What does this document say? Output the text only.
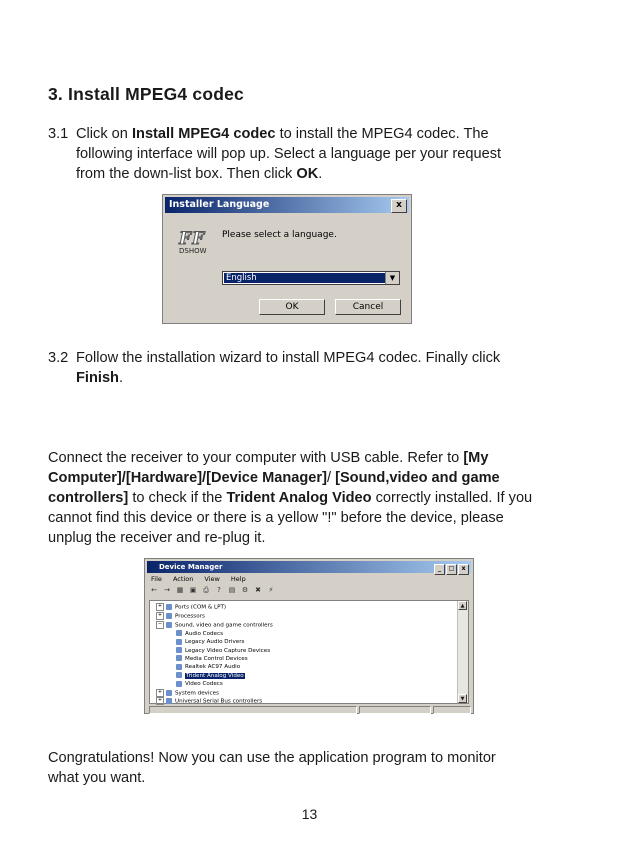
3. Install MPEG4 codec
3.1 Click on Install MPEG4 codec to install the MPEG4 codec. The
following interface will pop up. Select a language per your request
from the down-list box. Then click OK.
Installer Language	x
FF
DSHOW
Please select a language.
English	▼
OK	Cancel
3.2 Follow the installation wizard to install MPEG4 codec. Finally click
Finish.
Connect the receiver to your computer with USB cable. Refer to [My
Computer]/[Hardware]/[Device Manager]/ [Sound,video and game
controllers] to check if the Trident Analog Video correctly installed. If you
cannot find this device or there is a yellow "!" before the device, please
unplug the receiver and re-plug it.
Device Manager	_ □ x
File Action View Help
← → ▦ ▣ ⎙ ? ▤ ⚙ ✖ ⚡
+ Ports (COM & LPT)
+ Processors
− Sound, video and game controllers
Audio Codecs
Legacy Audio Drivers
Legacy Video Capture Devices
Media Control Devices
Realtek AC97 Audio
Trident Analog Video
Video Codecs
+ System devices
+ Universal Serial Bus controllers
▲
▼
Congratulations! Now you can use the application program to monitor
what you want.
13
